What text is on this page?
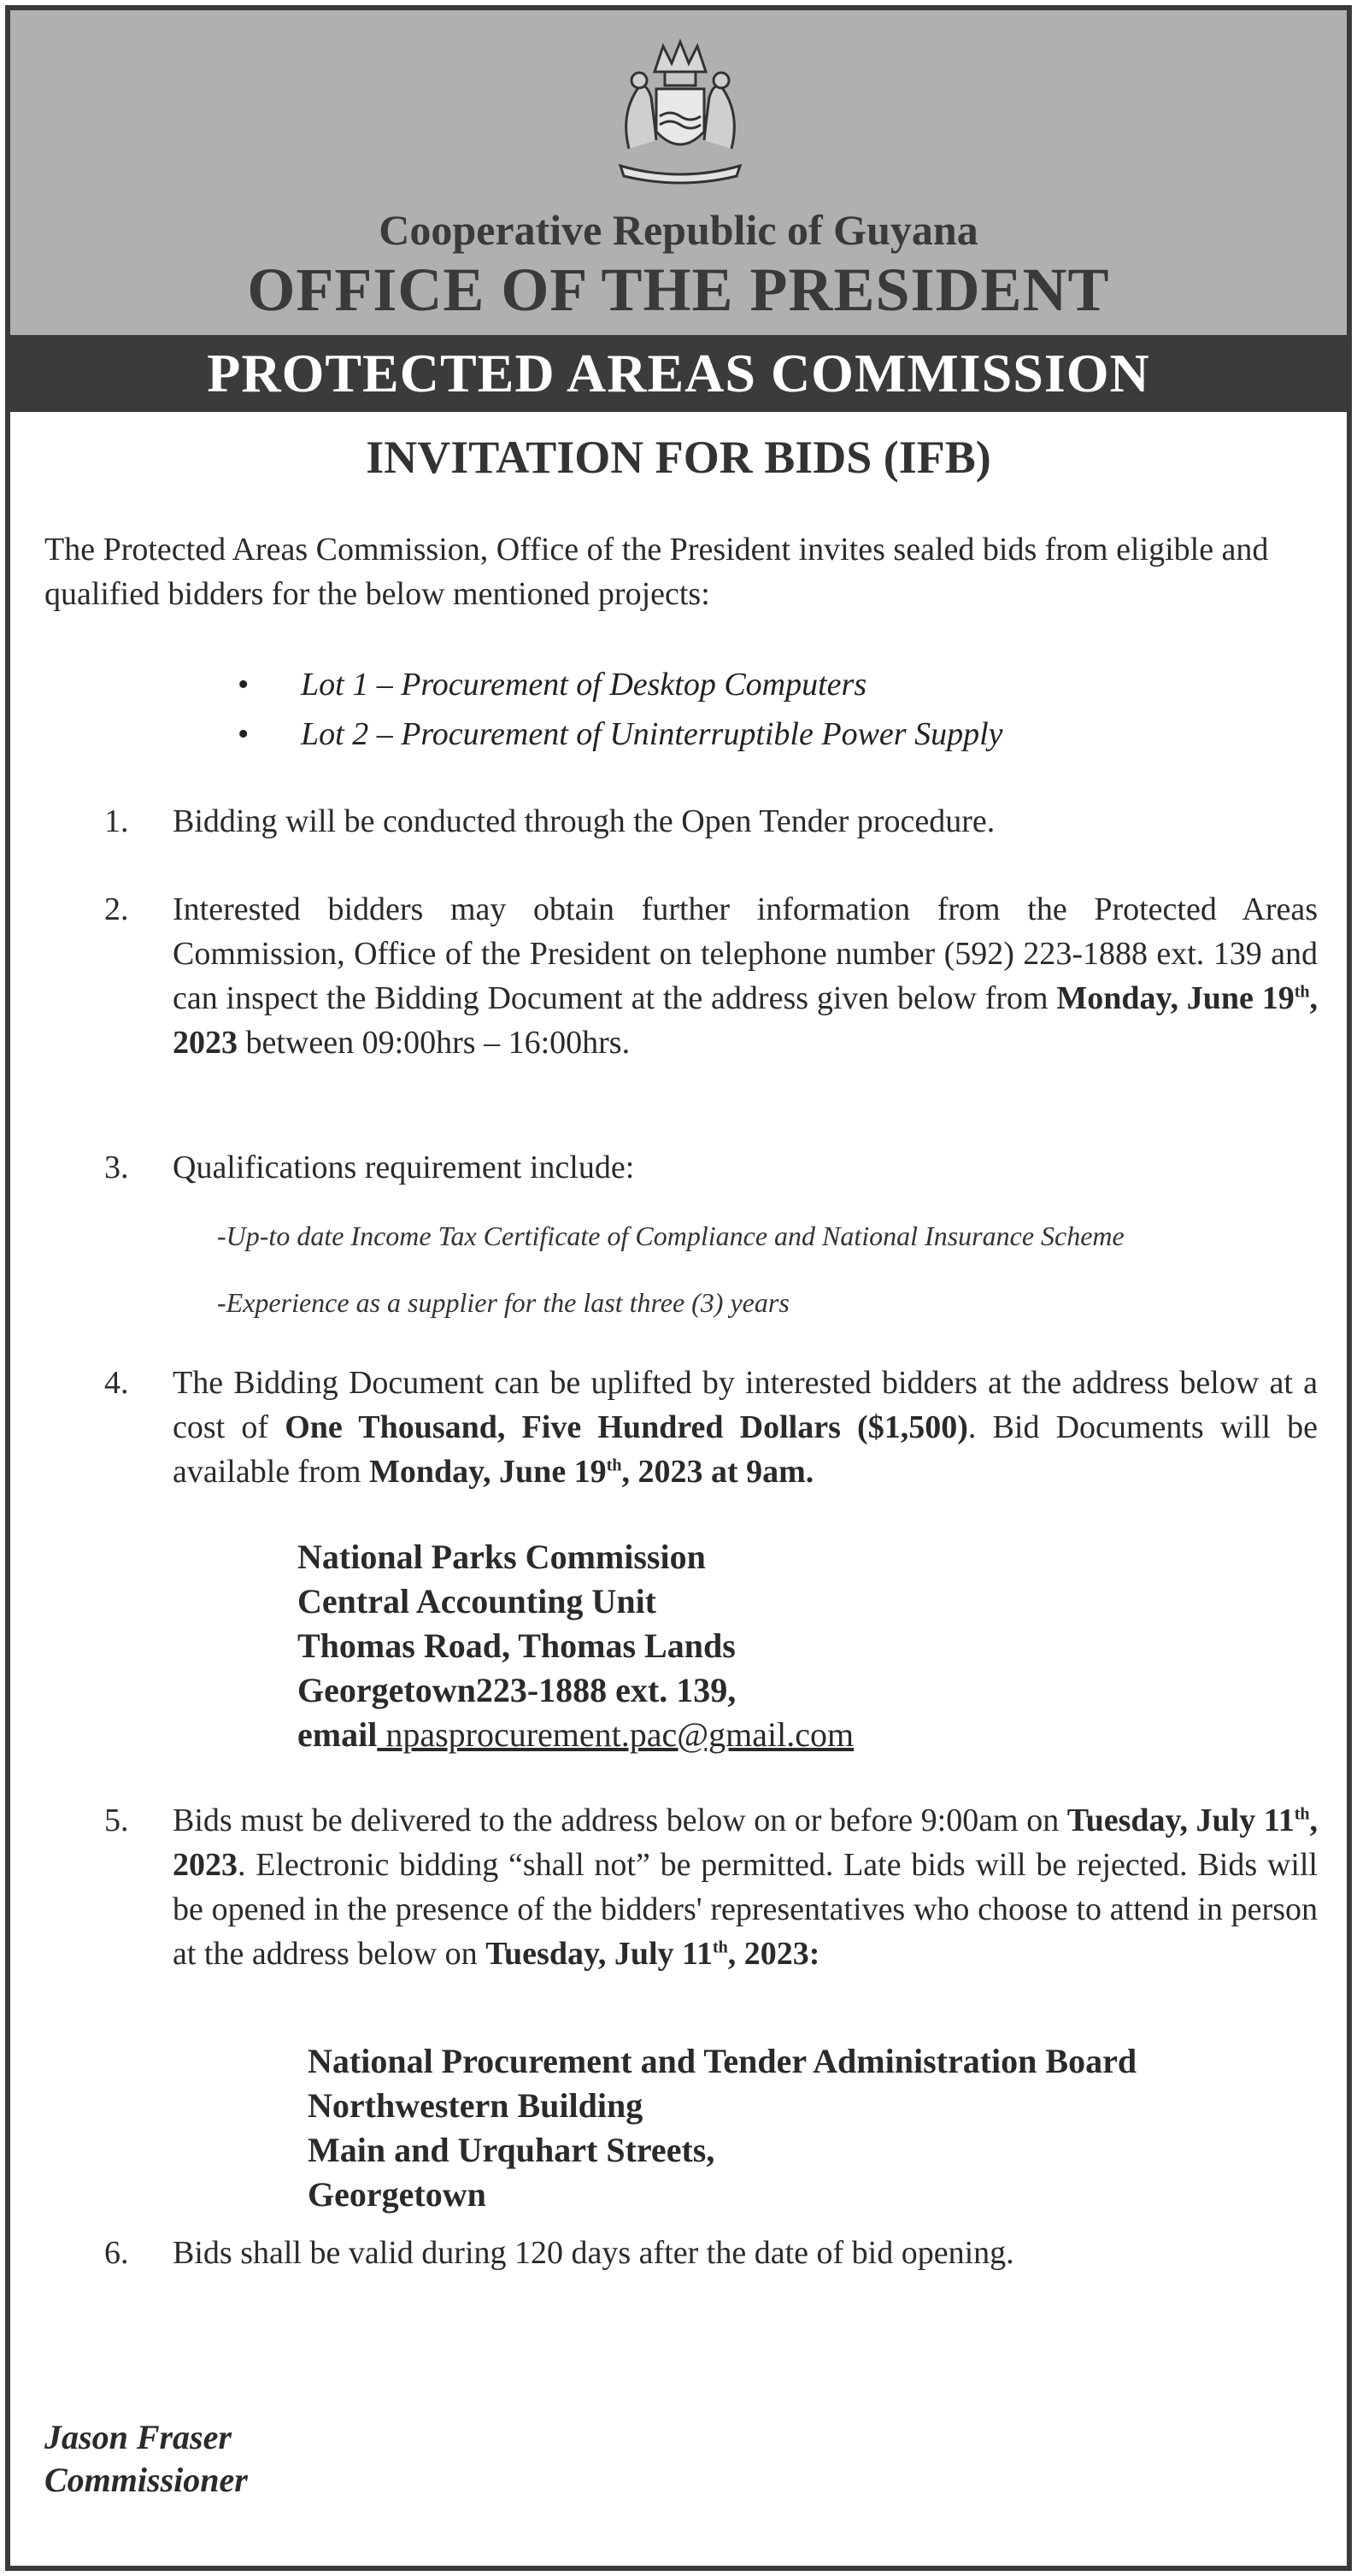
Cooperative Republic of Guyana
OFFICE OF THE PRESIDENT
PROTECTED AREAS COMMISSION
INVITATION FOR BIDS (IFB)
The Protected Areas Commission, Office of the President invites sealed bids from eligible and qualified bidders for the below mentioned projects:
• Lot 1 – Procurement of Desktop Computers
• Lot 2 – Procurement of Uninterruptible Power Supply
1. Bidding will be conducted through the Open Tender procedure.
2. Interested bidders may obtain further information from the Protected Areas Commission, Office of the President on telephone number (592) 223-1888 ext. 139 and can inspect the Bidding Document at the address given below from Monday, June 19th, 2023 between 09:00hrs – 16:00hrs.
3. Qualifications requirement include:
-Up-to date Income Tax Certificate of Compliance and National Insurance Scheme
-Experience as a supplier for the last three (3) years
4. The Bidding Document can be uplifted by interested bidders at the address below at a cost of One Thousand, Five Hundred Dollars ($1,500). Bid Documents will be available from Monday, June 19th, 2023 at 9am.
National Parks Commission
Central Accounting Unit
Thomas Road, Thomas Lands
Georgetown223-1888 ext. 139,
email npasprocurement.pac@gmail.com
5. Bids must be delivered to the address below on or before 9:00am on Tuesday, July 11th, 2023. Electronic bidding “shall not” be permitted. Late bids will be rejected. Bids will be opened in the presence of the bidders' representatives who choose to attend in person at the address below on Tuesday, July 11th, 2023:
National Procurement and Tender Administration Board
Northwestern Building
Main and Urquhart Streets,
Georgetown
6. Bids shall be valid during 120 days after the date of bid opening.
Jason Fraser
Commissioner
